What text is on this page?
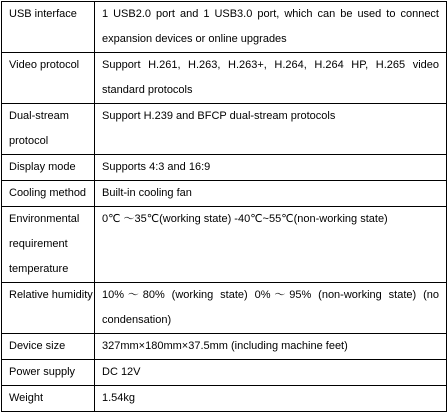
USB interface	1 USB2.0 port and 1 USB3.0 port, which can be used to connect expansion devices or online upgrades
Video protocol	Support H.261, H.263, H.263+, H.264, H.264 HP, H.265 video standard protocols
Dual-stream protocol	Support H.239 and BFCP dual-stream protocols
Display mode	Supports 4:3 and 16:9
Cooling method	Built-in cooling fan
Environmental requirement temperature	0℃ ～35℃(working state) -40℃~55℃(non-working state)
Relative humidity	10%～80% (working state) 0%～95% (non-working state) (no condensation)
Device size	327mm×180mm×37.5mm (including machine feet)
Power supply	DC 12V
Weight	1.54kg
